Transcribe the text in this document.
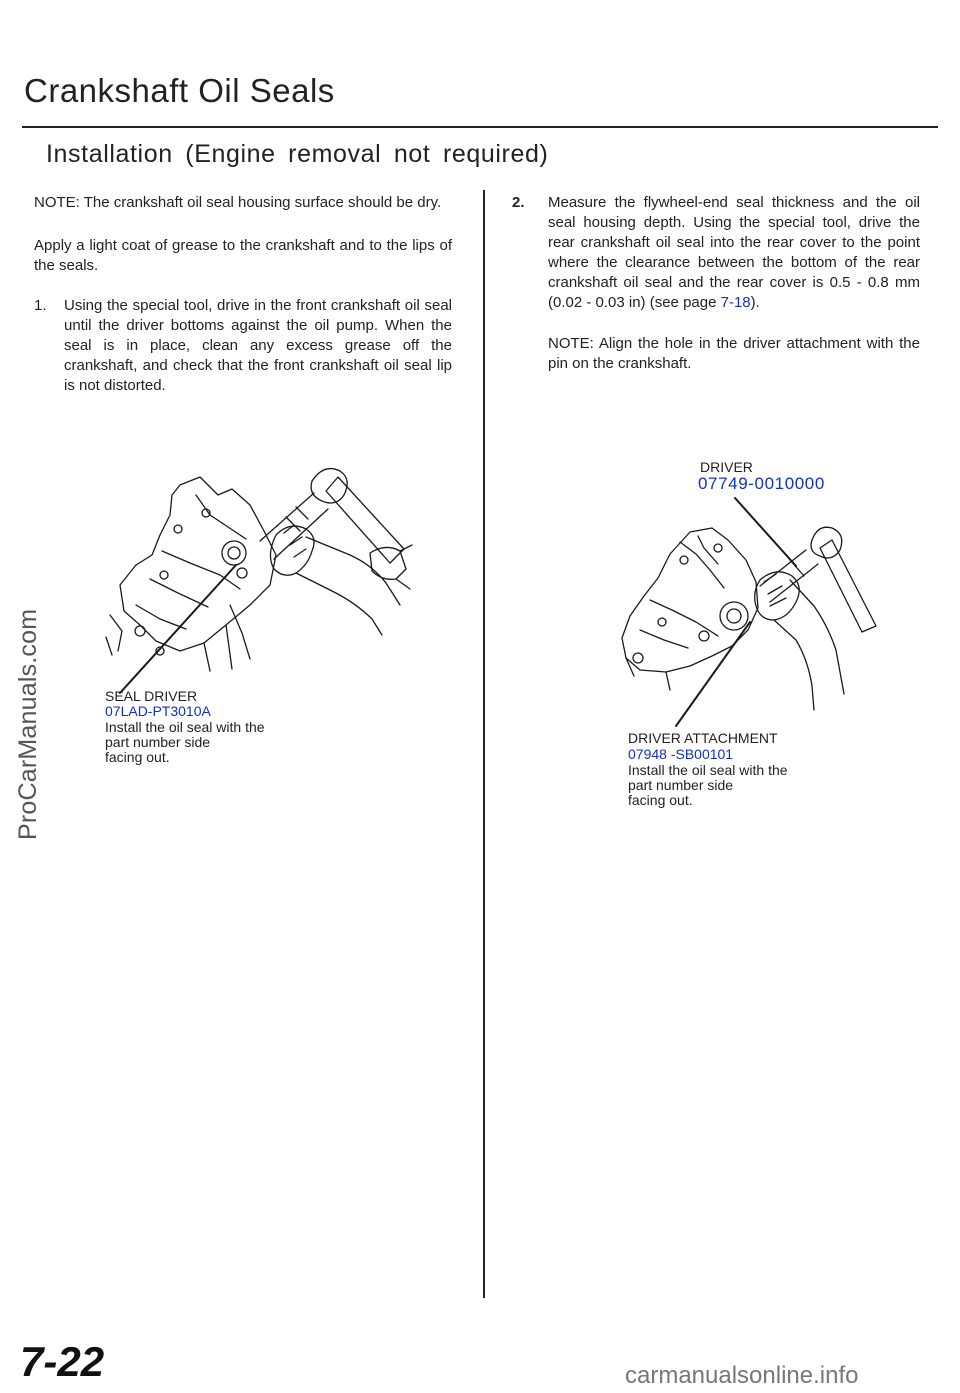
Crankshaft Oil Seals
Installation (Engine removal not required)
NOTE: The crankshaft oil seal housing surface should be dry.
Apply a light coat of grease to the crankshaft and to the lips of the seals.
1.	Using the special tool, drive in the front crankshaft oil seal until the driver bottoms against the oil pump. When the seal is in place, clean any excess grease off the crankshaft, and check that the front crankshaft oil seal lip is not distorted.
2.	Measure the flywheel-end seal thickness and the oil seal housing depth. Using the special tool, drive the rear crankshaft oil seal into the rear cover to the point where the clearance between the bottom of the rear crankshaft oil seal and the rear cover is 0.5 - 0.8 mm (0.02 - 0.03 in) (see page 7-18).
NOTE: Align the hole in the driver attachment with the pin on the crankshaft.
SEAL DRIVER
07LAD-PT3010A
Install the oil seal with the
part number side
facing out.
DRIVER
07749-0010000
DRIVER ATTACHMENT
07948 -SB00101
Install the oil seal with the
part number side
facing out.
ProCarManuals.com
7-22	carmanualsonline.info
